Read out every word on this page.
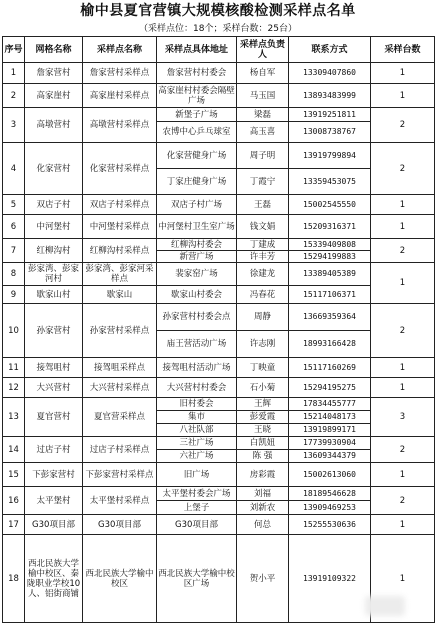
榆中县夏官营镇大规模核酸检测采样点名单
（采样点位：18个；采样台数：25台）
序号	网格名称	采样点名称	采样点具体地址	采样点负责人	联系方式	采样台数
1	詹家营村	詹家营村采样点	詹家营村村委会	杨自军	13309407860	1
2	高家崖村	高家崖村采样点	高家崖村村委会隔壁广场	马玉国	13893483999	1
3	高墩营村	高墩营村采样点	新堡子广场	梁磊	13919251811	2
			农博中心乒乓球室	高玉喜	13008738767	
4	化家营村	化家营村采样点	化家营健身广场	周子明	13919799894	2
			丁家庄健身广场	丁霞宁	13359453075	
5	双店子村	双店子村采样点	双店子村广场	王磊	15002545550	1
6	中河堡村	中河堡村采样点	中河堡村卫生室广场	钱文娟	15209316371	1
7	红柳沟村	红柳沟村采样点	红柳沟村委会	丁建成	15339409808	2
			新营广场	许丰芳	15294199883	
8	彭家湾、彭家河村	彭家湾、彭家河采样点	裴家窑广场	徐建龙	13389405389	1
9	歇家山村	歇家山	歇家山村委会	冯春花	15117106371	
10	孙家营村	孙家营村采样点	孙家营村村委会点	周静	13669359364	2
			庙王营活动广场	许志刚	18993166428	
11	接驾咀村	接驾咀采样点	接驾咀村活动广场	丁映童	15117160269	1
12	大兴营村	大兴营村采样点	大兴营村村委会	石小菊	15294195275	1
13	夏官营村	夏官营采样点	旧村委会	王辉	17834455777	3
			集市	彭爱霞	15214048173	
			八社队部	王晓	13919899171	
14	过店子村	过店子村采样点	三社广场	白凯妞	17739930904	2
			六社广场	陈 强	13609344379	
15	下彭家营村	下彭家营村采样点	旧广场	房彩霞	15002613060	1
16	太平堡村	太平堡村采样点	太平堡村委会广场	刘福	18189546628	2
			上堡子	刘新农	13909469253	
17	G30项目部	G30项目部	G30项目部	何总	15255530636	1
18	西北民族大学榆中校区、秦陇职业学校10人、铝街商铺	西北民族大学榆中校区	西北民族大学榆中校区广场	贺小平	13919109322	1
